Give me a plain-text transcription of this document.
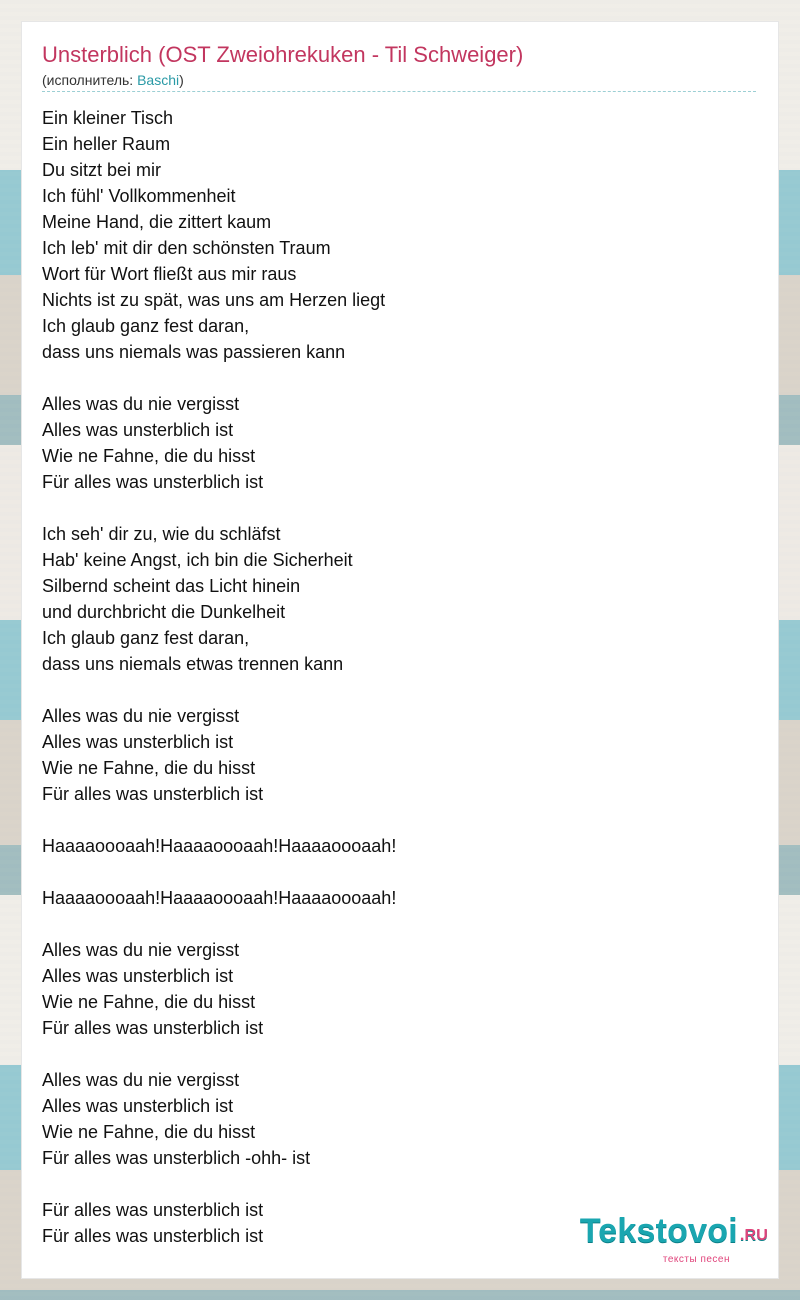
Unsterblich (OST Zweiohrekuken - Til Schweiger)
(исполнитель: Baschi)
Ein kleiner Tisch
Ein heller Raum
Du sitzt bei mir
Ich fühl' Vollkommenheit
Meine Hand, die zittert kaum
Ich leb' mit dir den schönsten Traum
Wort für Wort fließt aus mir raus
Nichts ist zu spät, was uns am Herzen liegt
Ich glaub ganz fest daran,
dass uns niemals was passieren kann
Alles was du nie vergisst
Alles was unsterblich ist
Wie ne Fahne, die du hisst
Für alles was unsterblich ist
Ich seh' dir zu, wie du schläfst
Hab' keine Angst, ich bin die Sicherheit
Silbernd scheint das Licht hinein
und durchbricht die Dunkelheit
Ich glaub ganz fest daran,
dass uns niemals etwas trennen kann
Alles was du nie vergisst
Alles was unsterblich ist
Wie ne Fahne, die du hisst
Für alles was unsterblich ist
Haaaaoooaah!Haaaaoooaah!Haaaaoooaah!
Haaaaoooaah!Haaaaoooaah!Haaaaoooaah!
Alles was du nie vergisst
Alles was unsterblich ist
Wie ne Fahne, die du hisst
Für alles was unsterblich ist
Alles was du nie vergisst
Alles was unsterblich ist
Wie ne Fahne, die du hisst
Für alles was unsterblich -ohh- ist
Für alles was unsterblich ist
Für alles was unsterblich ist	Tekstovoi .RU
тексты песен
